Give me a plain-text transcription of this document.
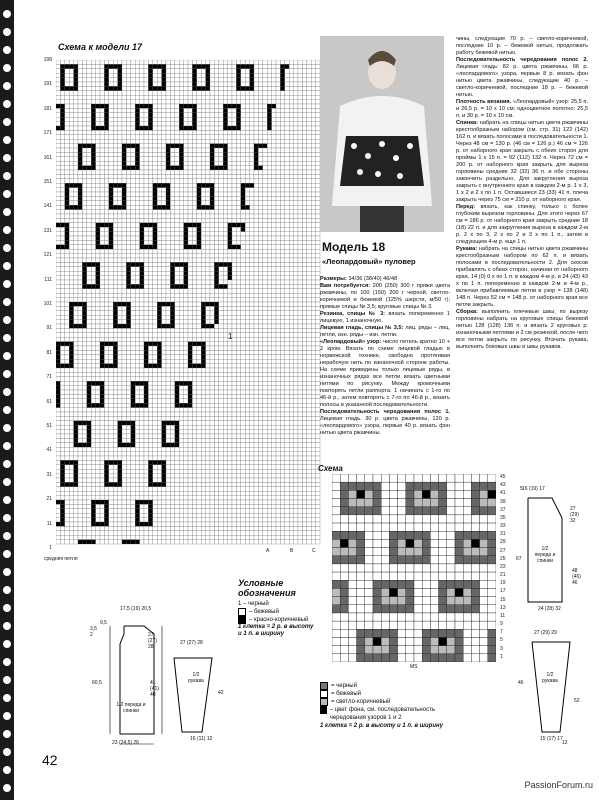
Схема к модели 17
198
191
181
171
161
151
141
131
121
111
101
91
81
71
61
51
41
31
21
11
1
средняя петля
A	B	C
1
Условные обозначения
1 – черный
– бежевый
– красно-коричневый
1 клетка = 2 р. в высоту и 1 п. в ширину
1/2 переда и спинки
17,5 (19) 20,5
9,5
27 (27) 28
60,5	41 (41) 40
23 (24,5) 26
3,5 2
27 (27) 28
1/2 рукава
42
16 (11) 12
Модель 18
«Леопардовый» пуловер
Размеры: 34/36 (38/40) 46/48
Вам потребуется: 200 (250) 300 г пряжи цвета ржавчины, по 100 (150) 200 г черной, светло-коричневой и бежевой (125% шерсти, м/50 г); прямые спицы № 3,5; круговые спицы № 3.
Резинка, спицы № 3: вязать попеременно 1 лицевую, 1 изнаночную.
Лицевая гладь, спицы № 3,5: лиц. ряды – лиц. петли, изн. ряды – изн. петли.
«Леопардовый» узор: число петель кратно 10 + 2 кром. Вязать по схеме лицевой гладью в норвежской технике, свободно протягивая нерабочую нить по изнаночной стороне работы. На схеме приведены только лицевые ряды, в изнаночных рядах все петли вязать цветными нитями по рисунку. Между кромочными повторять петли раппорта. 1 начинать с 1-го по 46-й р., затем повторять с 7-го по 46-й р., вязать полосы в указанной последовательности.
Последовательность чередования полос 1. Лицевая гладь. 30 р. цвета ржавчины, 120 р. «леопардового» узора, первые 40 р. вязать фон нитью цвета ржавчины.
чины, следующие 70 р. – светло-коричневой, последние 10 р. – бежевой нитью, продолжать работу бежевой нитью.
Последовательность чередования полос 2. Лицевая гладь: 82 р. цвета ржавчины, 66 р. «леопардового» узора, первые 8 р. вязать фон нитью цвета ржавчины, следующие 40 р. – светло-коричневой, последние 18 р. – бежевой нитью.
Плотность вязания. «Леопардовый» узор: 25,5 п. и 26,5 р. = 10 х 10 см; одноцветное полотно: 25,5 п. и 30 р. = 10 х 10 см.
Спинка: набрать на спицы нитью цвета ржавчины крестообразным набором (см. стр. 31) 122 (142) 162 п. и вязать полосами в последовательности 1. Через 48 см = 130 р. (46 см = 126 р.) 46 см = 126 р. от наборного края закрыть с обеих сторон для проймы 1 х 15 п. = 92 (112) 132 п. Через 72 см = 200 р. от наборного края закрыть для выреза горловины средние 32 (32) 36 п. и обе стороны закончить раздельно. Для закругления выреза закрыть с внутреннего края в каждом 2-м р. 1 х 3, 1 х 2 и 2 х по 1 п. Оставшиеся 23 (33) 41 п. плеча закрыть через 75 см = 210 р. от наборного края.
Перед: вязать, как спинку, только с более глубоким вырезом горловины. Для этого через 67 см = 186 р. от наборного края закрыть средние 18 (18) 22 п. и для закругления выреза в каждом 2-м р. 2 х по 3, 2 х по 2 и 3 х по 1 п., затем в следующем 4-м р. еще 1 п.
Рукава: набрать на спицы нитью цвета ржавчины крестообразным набором по 62 п. и вязать полосами в последовательности 2. Для скосов прибавлять с обеих сторон, начиная от наборного края, 14 (0) 0 х по 1 п. в каждом 4-м р. и 24 (43) 43 х по 1 п. попеременно в каждом 2-м и 4-м р., включая прибавляемые петли в узор = 138 (148) 148 п. Через 52 см = 148 р. от наборного края все петли закрыть.
Сборка: выполнить плечевые швы; по вырезу горловины набрать на круговые спицы бежевой нитью 128 (128) 136 п. и вязать 2 круговых р. изнаночными петлями и 2 см резинкой, после чего все петли закрыть по рисунку. Втачать рукава, выполнить боковые швы и швы рукавов.
Схема
45
43
41
39
37
35
33
31
29
27
25
23
21
19
17
15
13
11
9
7
5
3
1
MS
= черный
= бежевый
= светло-коричневый
– цвет фона, см. последовательность чередования узоров 1 и 2
1 клетка = 2 р. в высоту и 1 п. в ширину
16 (19) 17
1/2 переда и спинки
67
27 (29) 32
48 (46) 46
24 (28) 32
5
27 (29) 29
1/2 рукава
46
52
15 (17) 17
12
42
PassionForum.ru
